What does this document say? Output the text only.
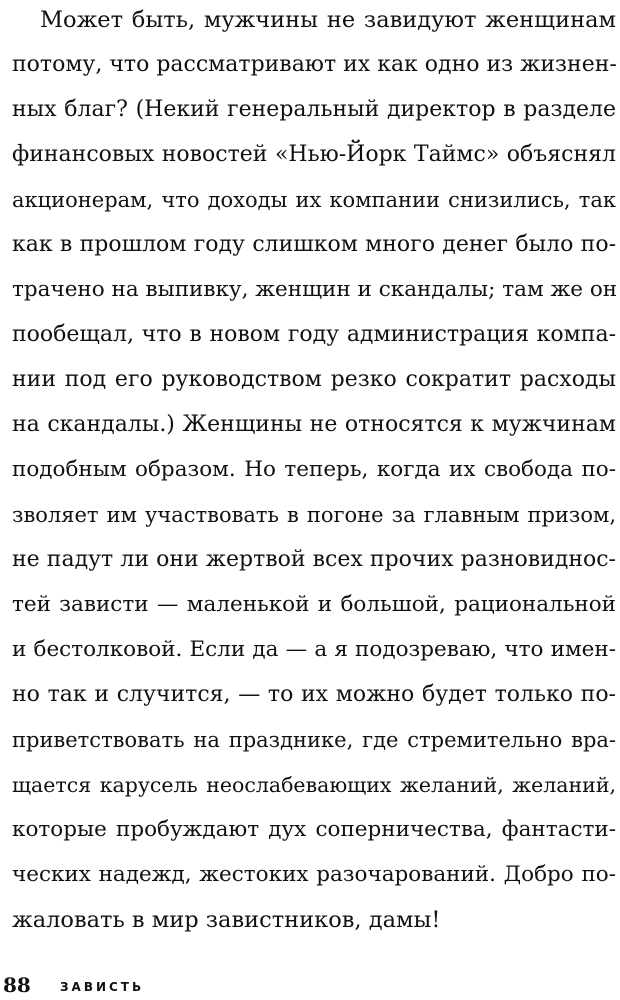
Может быть, мужчины не завидуют женщинам
потому, что рассматривают их как одно из жизнен-
ных благ? (Некий генеральный директор в разделе
финансовых новостей «Нью-Йорк Таймс» объяснял
акционерам, что доходы их компании снизились, так
как в прошлом году слишком много денег было по-
трачено на выпивку, женщин и скандалы; там же он
пообещал, что в новом году администрация компа-
нии под его руководством резко сократит расходы
на скандалы.) Женщины не относятся к мужчинам
подобным образом. Но теперь, когда их свобода по-
зволяет им участвовать в погоне за главным призом,
не падут ли они жертвой всех прочих разновиднос-
тей зависти — маленькой и большой, рациональной
и бестолковой. Если да — а я подозреваю, что имен-
но так и случится, — то их можно будет только по-
приветствовать на празднике, где стремительно вра-
щается карусель неослабевающих желаний, желаний,
которые пробуждают дух соперничества, фантасти-
ческих надежд, жестоких разочарований. Добро по-
жаловать в мир завистников, дамы!
88 ЗАВИСТЬ
